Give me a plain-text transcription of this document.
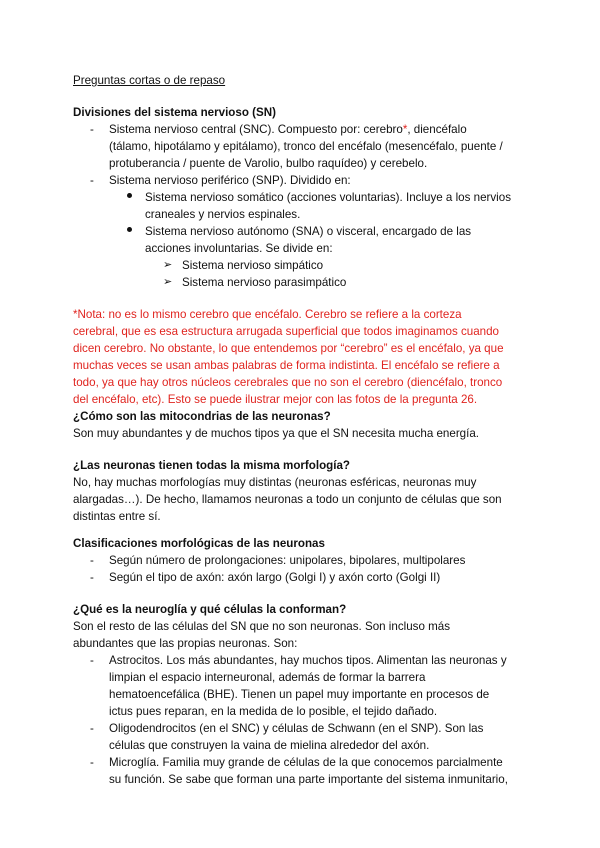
Preguntas cortas o de repaso

Divisiones del sistema nervioso (SN)

- Sistema nervioso central (SNC). Compuesto por: cerebro*, diencéfalo

(tálamo, hipotálamo y epitálamo), tronco del encéfalo (mesencéfalo, puente /

protuberancia / puente de Varolio, bulbo raquídeo) y cerebelo.

- Sistema nervioso periférico (SNP). Dividido en:

Sistema nervioso somático (acciones voluntarias). Incluye a los nervios

craneales y nervios espinales.

Sistema nervioso autónomo (SNA) o visceral, encargado de las

acciones involuntarias. Se divide en:

➢ Sistema nervioso simpático

➢ Sistema nervioso parasimpático

*Nota: no es lo mismo cerebro que encéfalo. Cerebro se refiere a la corteza

cerebral, que es esa estructura arrugada superficial que todos imaginamos cuando

dicen cerebro. No obstante, lo que entendemos por “cerebro” es el encéfalo, ya que

muchas veces se usan ambas palabras de forma indistinta. El encéfalo se refiere a

todo, ya que hay otros núcleos cerebrales que no son el cerebro (diencéfalo, tronco

del encéfalo, etc). Esto se puede ilustrar mejor con las fotos de la pregunta 26.

¿Cómo son las mitocondrias de las neuronas?

Son muy abundantes y de muchos tipos ya que el SN necesita mucha energía.

¿Las neuronas tienen todas la misma morfología?

No, hay muchas morfologías muy distintas (neuronas esféricas, neuronas muy

alargadas…). De hecho, llamamos neuronas a todo un conjunto de células que son

distintas entre sí.

Clasificaciones morfológicas de las neuronas

- Según número de prolongaciones: unipolares, bipolares, multipolares

- Según el tipo de axón: axón largo (Golgi I) y axón corto (Golgi II)

¿Qué es la neuroglía y qué células la conforman?

Son el resto de las células del SN que no son neuronas. Son incluso más

abundantes que las propias neuronas. Son:

- Astrocitos. Los más abundantes, hay muchos tipos. Alimentan las neuronas y

limpian el espacio interneuronal, además de formar la barrera

hematoencefálica (BHE). Tienen un papel muy importante en procesos de

ictus pues reparan, en la medida de lo posible, el tejido dañado.

- Oligodendrocitos (en el SNC) y células de Schwann (en el SNP). Son las

células que construyen la vaina de mielina alrededor del axón.

- Microglía. Familia muy grande de células de la que conocemos parcialmente

su función. Se sabe que forman una parte importante del sistema inmunitario,
